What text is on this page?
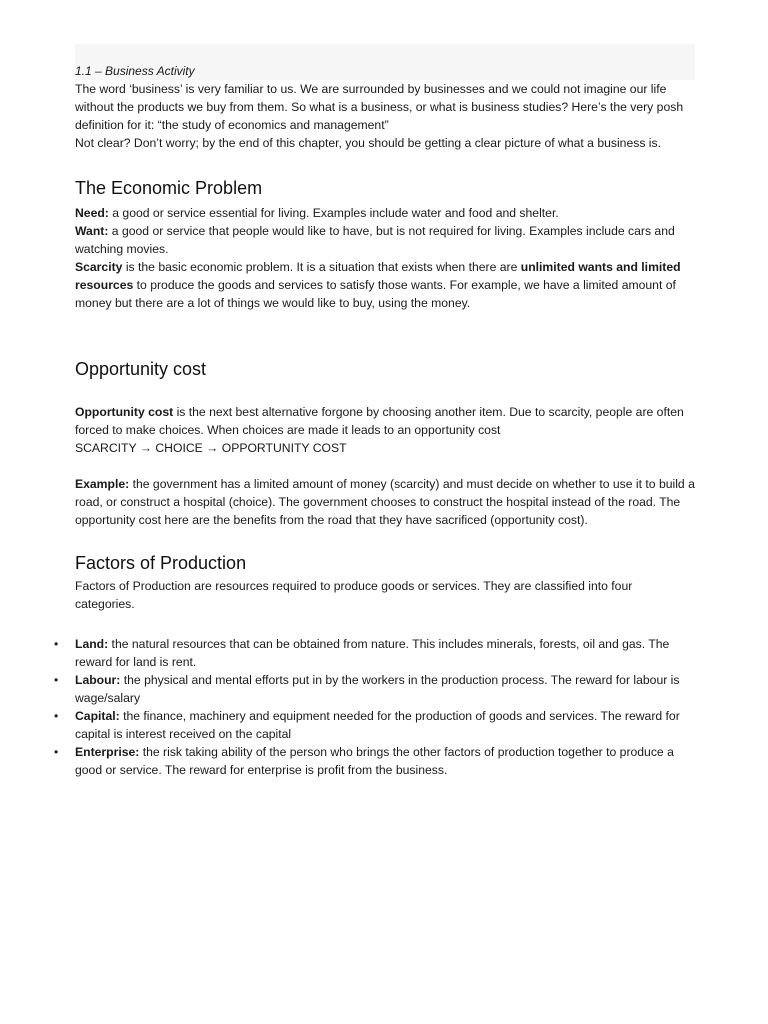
1.1 – Business Activity

The word ‘business’ is very familiar to us. We are surrounded by businesses and we could not imagine our life without the products we buy from them. So what is a business, or what is business studies? Here’s the very posh definition for it: “the study of economics and management”

Not clear? Don’t worry; by the end of this chapter, you should be getting a clear picture of what a business is.

The Economic Problem

Need: a good or service essential for living. Examples include water and food and shelter.

Want: a good or service that people would like to have, but is not required for living. Examples include cars and watching movies.

Scarcity is the basic economic problem. It is a situation that exists when there are unlimited wants and limited resources to produce the goods and services to satisfy those wants. For example, we have a limited amount of money but there are a lot of things we would like to buy, using the money.

Opportunity cost

Opportunity cost is the next best alternative forgone by choosing another item. Due to scarcity, people are often forced to make choices. When choices are made it leads to an opportunity cost

SCARCITY → CHOICE → OPPORTUNITY COST

Example: the government has a limited amount of money (scarcity) and must decide on whether to use it to build a road, or construct a hospital (choice). The government chooses to construct the hospital instead of the road. The opportunity cost here are the benefits from the road that they have sacrificed (opportunity cost).

Factors of Production

Factors of Production are resources required to produce goods or services. They are classified into four categories.

• Land: the natural resources that can be obtained from nature. This includes minerals, forests, oil and gas. The reward for land is rent.
• Labour: the physical and mental efforts put in by the workers in the production process. The reward for labour is wage/salary
• Capital: the finance, machinery and equipment needed for the production of goods and services. The reward for capital is interest received on the capital
• Enterprise: the risk taking ability of the person who brings the other factors of production together to produce a good or service. The reward for enterprise is profit from the business.
